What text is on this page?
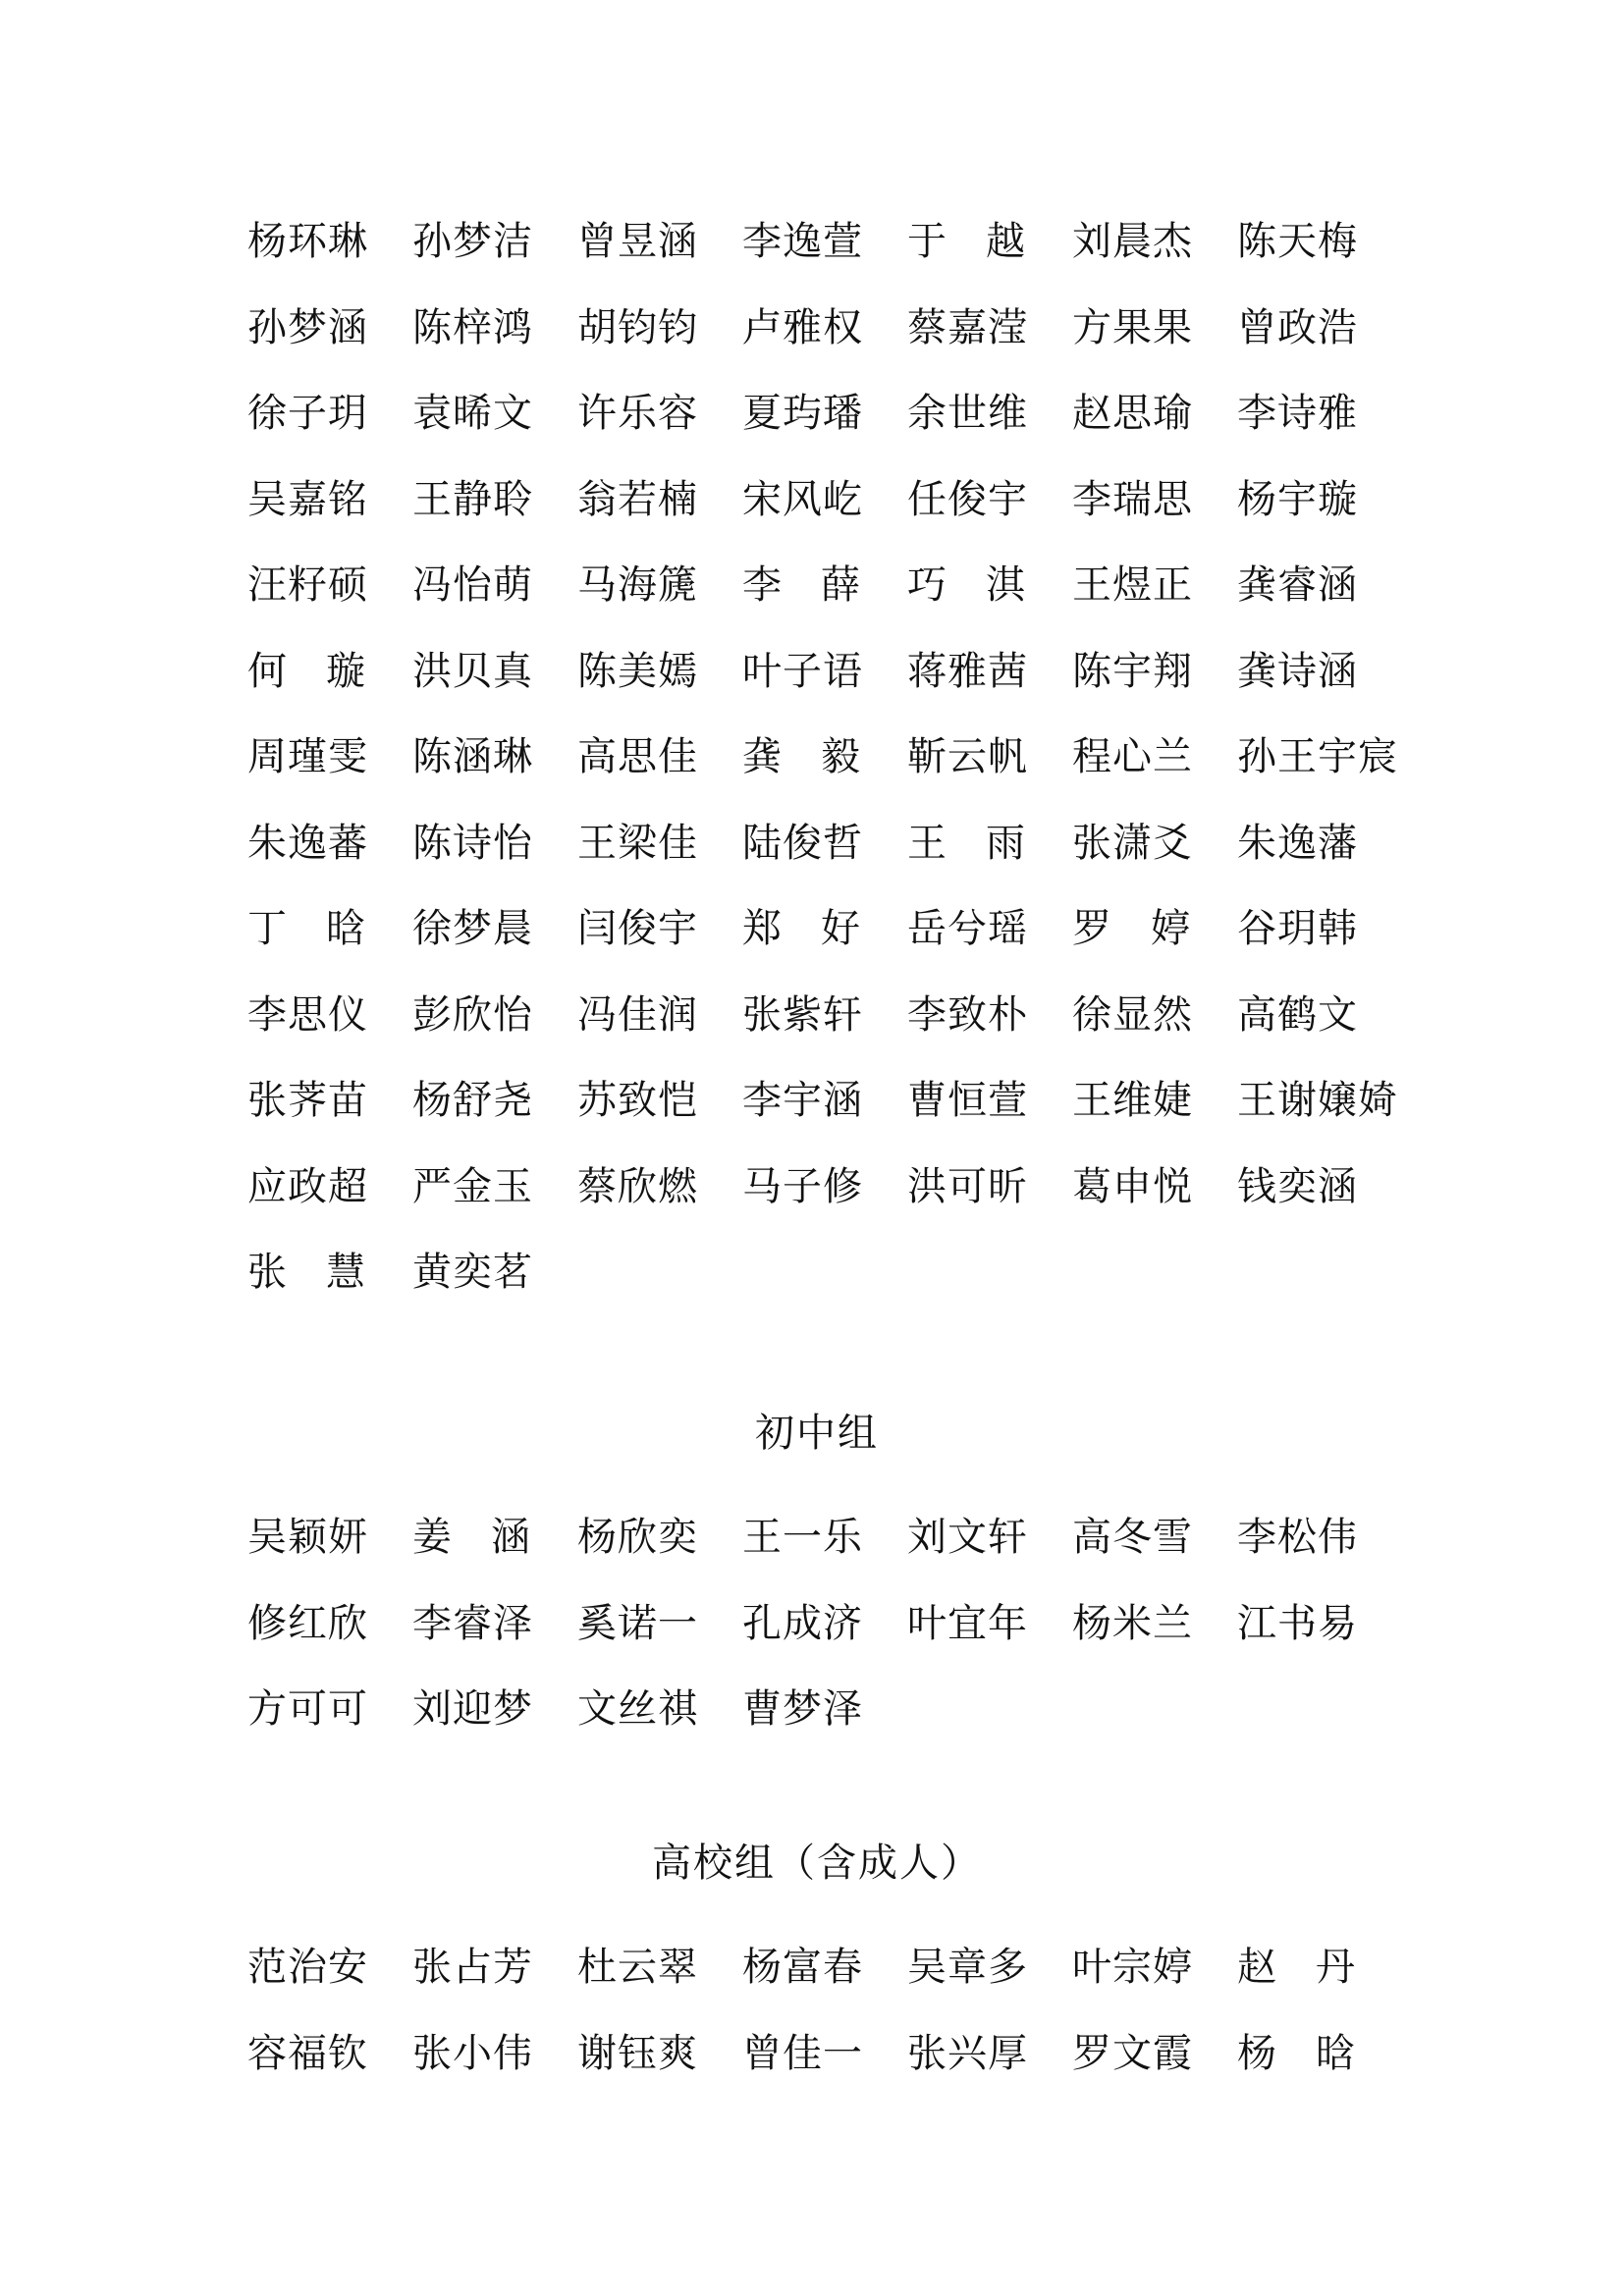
杨环琳	孙梦洁	曾昱涵	李逸萱	于　越	刘晨杰	陈天梅
孙梦涵	陈梓鸿	胡钧钧	卢雅权	蔡嘉滢	方果果	曾政浩
徐子玥	袁晞文	许乐容	夏玙璠	余世维	赵思瑜	李诗雅
吴嘉铭	王静聆	翁若楠	宋风屹	任俊宇	李瑞思	杨宇璇
汪籽硕	冯怡萌	马海篪	李　薛	巧　淇	王煜正	龚睿涵
何　璇	洪贝真	陈美嫣	叶子语	蒋雅茜	陈宇翔	龚诗涵
周瑾雯	陈涵琳	高思佳	龚　毅	靳云帆	程心兰	孙王宇宸
朱逸蕃	陈诗怡	王梁佳	陆俊哲	王　雨	张潇爻	朱逸藩
丁　晗	徐梦晨	闫俊宇	郑　好	岳兮瑶	罗　婷	谷玥韩
李思仪	彭欣怡	冯佳润	张紫轩	李致朴	徐显然	高鹤文
张荠苗	杨舒尧	苏致恺	李宇涵	曹恒萱	王维婕	王谢嬢婍
应政超	严金玉	蔡欣燃	马子修	洪可昕	葛申悦	钱奕涵
张　慧	黄奕茗
初中组
吴颖妍	姜　涵	杨欣奕	王一乐	刘文轩	高冬雪	李松伟
修红欣	李睿泽	奚诺一	孔成济	叶宜年	杨米兰	江书易
方可可	刘迎梦	文丝祺	曹梦泽
高校组（含成人）
范治安	张占芳	杜云翠	杨富春	吴章多	叶宗婷	赵　丹
容福钦	张小伟	谢钰爽	曾佳一	张兴厚	罗文霞	杨　晗
